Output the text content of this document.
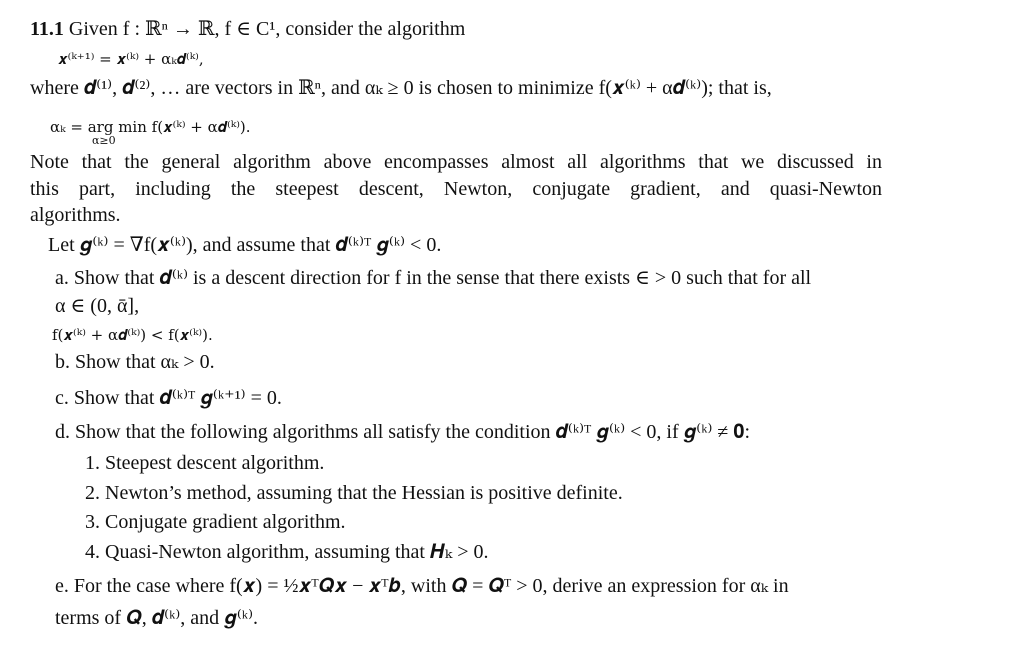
11.1 Given f : ℝⁿ → ℝ, f ∈ C¹, consider the algorithm
𝒙⁽ᵏ⁺¹⁾ = 𝒙⁽ᵏ⁾ + αₖ𝒅⁽ᵏ⁾,
where 𝒅⁽¹⁾, 𝒅⁽²⁾, … are vectors in ℝⁿ, and αₖ ≥ 0 is chosen to minimize f(𝒙⁽ᵏ⁾ + α𝒅⁽ᵏ⁾); that is,
αₖ = arg min f(𝒙⁽ᵏ⁾ + α𝒅⁽ᵏ⁾).
α≥0
Note that the general algorithm above encompasses almost all algorithms that we discussed in
this part, including the steepest descent, Newton, conjugate gradient, and quasi-Newton
algorithms.
Let 𝒈⁽ᵏ⁾ = ∇f(𝒙⁽ᵏ⁾), and assume that 𝒅⁽ᵏ⁾ᵀ 𝒈⁽ᵏ⁾ < 0.
a. Show that 𝒅⁽ᵏ⁾ is a descent direction for f in the sense that there exists ∈ > 0 such that for all
α ∈ (0, ᾱ],
f(𝒙⁽ᵏ⁾ + α𝒅⁽ᵏ⁾) < f(𝒙⁽ᵏ⁾).
b. Show that αₖ > 0.
c. Show that 𝒅⁽ᵏ⁾ᵀ 𝒈⁽ᵏ⁺¹⁾ = 0.
d. Show that the following algorithms all satisfy the condition 𝒅⁽ᵏ⁾ᵀ 𝒈⁽ᵏ⁾ < 0, if 𝒈⁽ᵏ⁾ ≠ 𝟎:
1. Steepest descent algorithm.
2. Newton’s method, assuming that the Hessian is positive definite.
3. Conjugate gradient algorithm.
4. Quasi-Newton algorithm, assuming that 𝑯ₖ > 0.
e. For the case where f(𝒙) = ½𝒙ᵀ𝑸𝒙 − 𝒙ᵀ𝒃, with 𝑸 = 𝑸ᵀ > 0, derive an expression for αₖ in
terms of 𝑸, 𝒅⁽ᵏ⁾, and 𝒈⁽ᵏ⁾.
